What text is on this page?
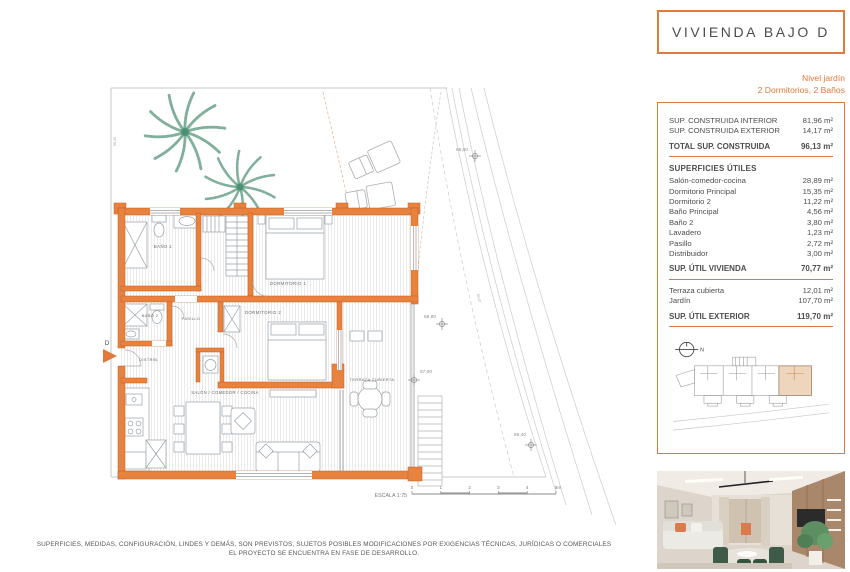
BAÑO 1
BAÑO 2
PASILLO
DISTRIB.
DORMITORIO 1
DORMITORIO 2
SALÓN / COMEDOR / COCINA
TERRAZA CUBIERTA
D
65,60
66,80
67,00
65,40
59,40
66,40
ESCALA 1:75
0	1	2	3	4	5m
VIVIENDA BAJO D
Nivel jardín
2 Dormitorios, 2 Baños
SUP. CONSTRUIDA INTERIOR	81,96 m²
SUP. CONSTRUIDA EXTERIOR	14,17 m²
TOTAL SUP. CONSTRUIDA	96,13 m²
SUPERFICIES ÚTILES
Salón-comedor-cocina	28,89 m²
Dormitorio Principal	15,35 m²
Dormitorio 2	11,22 m²
Baño Principal	4,56 m²
Baño 2	3,80 m²
Lavadero	1,23 m²
Pasillo	2,72 m²
Distribuidor	3,00 m²
SUP. ÚTIL VIVIENDA	70,77 m²
Terraza cubierta	12,01 m²
Jardín	107,70 m²
SUP. ÚTIL EXTERIOR	119,70 m²
N
SUPERFICIES, MEDIDAS, CONFIGURACIÓN, LINDES Y DEMÁS, SON PREVISTOS, SUJETOS POSIBLES MODIFICACIONES POR EXIGENCIAS TÉCNICAS, JURÍDICAS O COMERCIALES
EL PROYECTO SE ENCUENTRA EN FASE DE DESARROLLO.
